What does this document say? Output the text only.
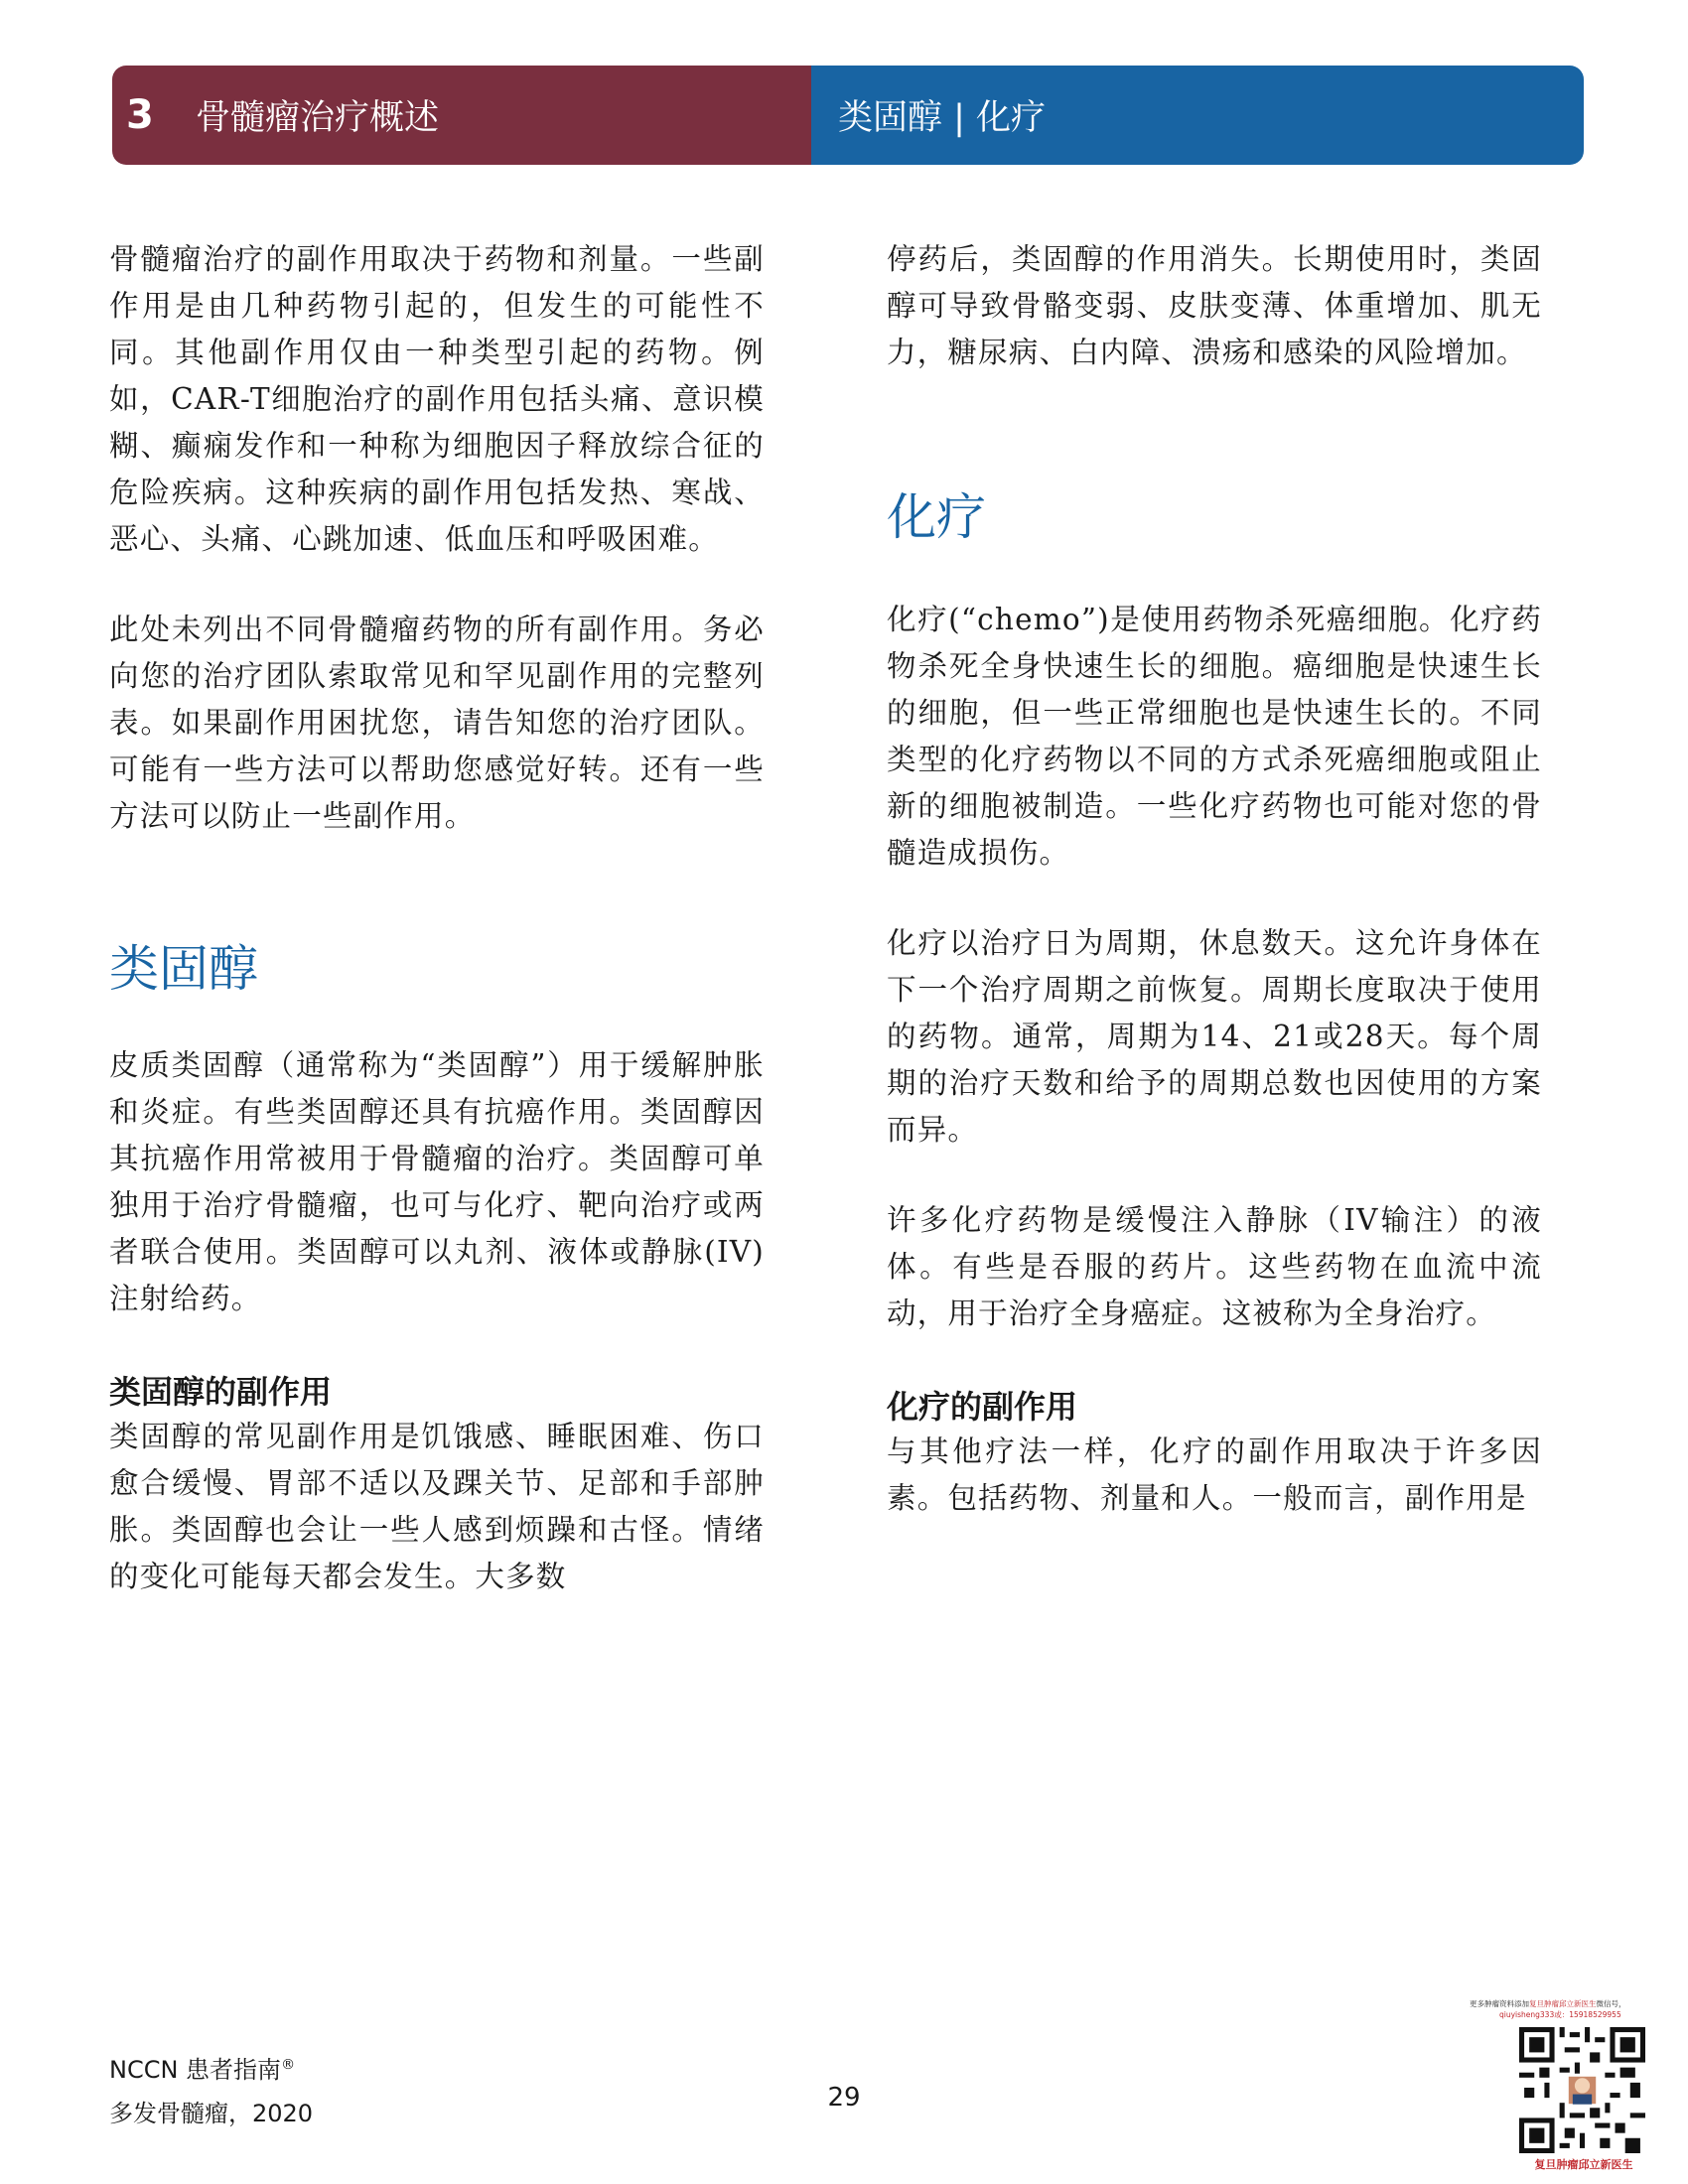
3	骨髓瘤治疗概述	类固醇 | 化疗

骨髓瘤治疗的副作用取决于药物和剂量。一些副作用是由几种药物引起的，但发生的可能性不同。其他副作用仅由一种类型引起的药物。例如，CAR-T细胞治疗的副作用包括头痛、意识模糊、癫痫发作和一种称为细胞因子释放综合征的危险疾病。这种疾病的副作用包括发热、寒战、恶心、头痛、心跳加速、低血压和呼吸困难。

此处未列出不同骨髓瘤药物的所有副作用。务必向您的治疗团队索取常见和罕见副作用的完整列表。如果副作用困扰您，请告知您的治疗团队。可能有一些方法可以帮助您感觉好转。还有一些方法可以防止一些副作用。

类固醇

皮质类固醇（通常称为“类固醇”）用于缓解肿胀和炎症。有些类固醇还具有抗癌作用。类固醇因其抗癌作用常被用于骨髓瘤的治疗。类固醇可单独用于治疗骨髓瘤，也可与化疗、靶向治疗或两者联合使用。类固醇可以丸剂、液体或静脉(IV)注射给药。

类固醇的副作用

类固醇的常见副作用是饥饿感、睡眠困难、伤口愈合缓慢、胃部不适以及踝关节、足部和手部肿胀。类固醇也会让一些人感到烦躁和古怪。情绪的变化可能每天都会发生。大多数

停药后，类固醇的作用消失。长期使用时，类固醇可导致骨骼变弱、皮肤变薄、体重增加、肌无力，糖尿病、白内障、溃疡和感染的风险增加。

化疗

化疗(“chemo”)是使用药物杀死癌细胞。化疗药物杀死全身快速生长的细胞。癌细胞是快速生长的细胞，但一些正常细胞也是快速生长的。不同类型的化疗药物以不同的方式杀死癌细胞或阻止新的细胞被制造。一些化疗药物也可能对您的骨髓造成损伤。

化疗以治疗日为周期，休息数天。这允许身体在下一个治疗周期之前恢复。周期长度取决于使用的药物。通常，周期为14、21或28天。每个周期的治疗天数和给予的周期总数也因使用的方案而异。

许多化疗药物是缓慢注入静脉（IV输注）的液体。有些是吞服的药片。这些药物在血流中流动，用于治疗全身癌症。这被称为全身治疗。

化疗的副作用

与其他疗法一样，化疗的副作用取决于许多因素。包括药物、剂量和人。一般而言，副作用是

NCCN 患者指南®
多发骨髓瘤，2020
29
更多肿瘤资料添加复旦肿瘤邱立新医生微信号，
qiuyisheng333或：15918529955
复旦肿瘤邱立新医生
